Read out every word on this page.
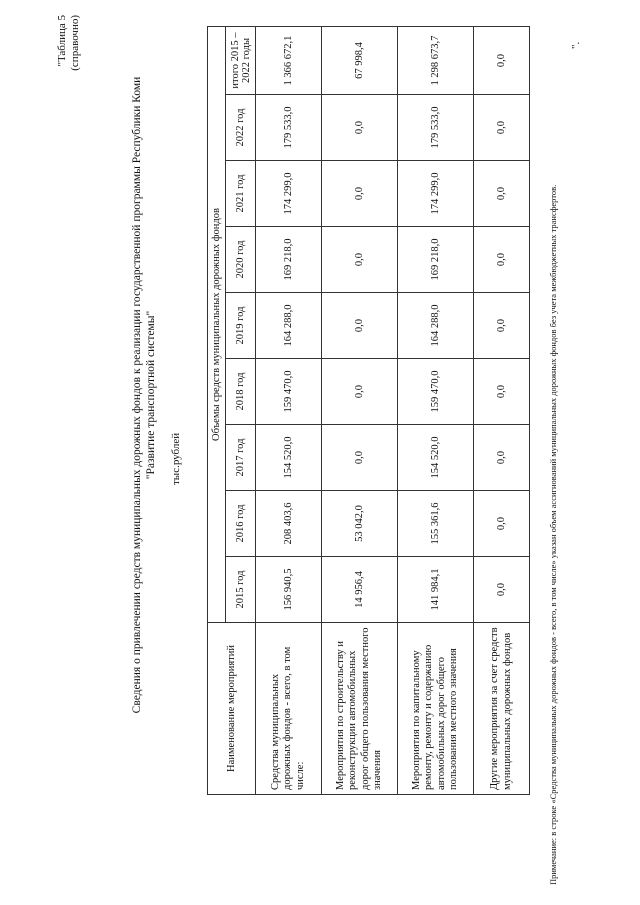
"Таблица 5 (справочно)
Сведения о привлечении средств муниципальных дорожных фондов к реализации государственной программы Республики Коми "Развитие транспортной системы" тыс.рублей
Наименование мероприятий	Объемы средств муниципальных дорожных фондов								
	2015 год	2016 год	2017 год	2018 год	2019 год	2020 год	2021 год	2022 год	итого 2015 – 2022 годы
Средства муниципальных дорожных фондов - всего, в том числе:	156 940,5	208 403,6	154 520,0	159 470,0	164 288,0	169 218,0	174 299,0	179 533,0	1 366 672,1
Мероприятия по строительству и реконструкции автомобильных дорог общего пользования местного значения	14 956,4	53 042,0	0,0	0,0	0,0	0,0	0,0	0,0	67 998,4
Мероприятия по капитальному ремонту, ремонту и содержанию автомобильных дорог общего пользования местного значения	141 984,1	155 361,6	154 520,0	159 470,0	164 288,0	169 218,0	174 299,0	179 533,0	1 298 673,7
Другие мероприятия за счет средств муниципальных дорожных фондов	0,0	0,0	0,0	0,0	0,0	0,0	0,0	0,0	0,0
Примечание: в строке «Средства муниципальных дорожных фондов - всего, в том числе» указан объем ассигнований муниципальных дорожных фондов без учета межбюджетных трансфертов.
".
